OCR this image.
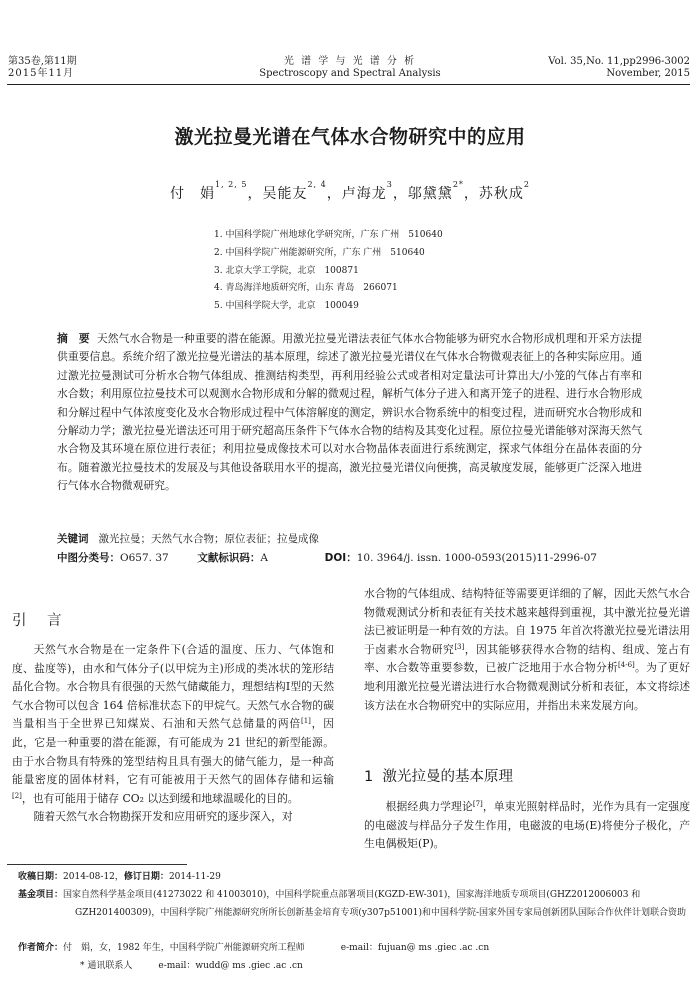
第35卷,第11期
2015年11月
光 谱 学 与 光 谱 分 析
Spectroscopy and Spectral Analysis
Vol. 35,No. 11,pp2996-3002
November, 2015
激光拉曼光谱在气体水合物研究中的应用
付　娟$^{1, 2, 5}$，吴能友$^{2, 4}$，卢海龙$^3$，邬黛黛$^{2*}$，苏秋成$^2$
1. 中国科学院广州地球化学研究所，广东 广州　510640
2. 中国科学院广州能源研究所，广东 广州　510640
3. 北京大学工学院，北京　100871
4. 青岛海洋地质研究所，山东 青岛　266071
5. 中国科学院大学，北京　100049
摘　要 天然气水合物是一种重要的潜在能源。用激光拉曼光谱法表征气体水合物能够为研究水合物形成机理和开采方法提供重要信息。系统介绍了激光拉曼光谱法的基本原理，综述了激光拉曼光谱仪在气体水合物微观表征上的各种实际应用。通过激光拉曼测试可分析水合物气体组成、推测结构类型，再利用经验公式或者相对定量法可计算出大/小笼的气体占有率和水合数；利用原位拉曼技术可以观测水合物形成和分解的微观过程，解析气体分子进入和离开笼子的进程、进行水合物形成和分解过程中气体浓度变化及水合物形成过程中气体溶解度的测定，辨识水合物系统中的相变过程，进而研究水合物形成和分解动力学；激光拉曼光谱法还可用于研究超高压条件下气体水合物的结构及其变化过程。原位拉曼光谱能够对深海天然气水合物及其环境在原位进行表征；利用拉曼成像技术可以对水合物晶体表面进行系统测定，探求气体组分在晶体表面的分布。随着激光拉曼技术的发展及与其他设备联用水平的提高，激光拉曼光谱仪向便携，高灵敏度发展，能够更广泛深入地进行气体水合物微观研究。
关键词 激光拉曼；天然气水合物；原位表征；拉曼成像
中图分类号：O657. 37	文献标识码：A	DOI：10. 3964/j. issn. 1000-0593(2015)11-2996-07
引　言

天然气水合物是在一定条件下(合适的温度、压力、气体饱和度、盐度等)，由水和气体分子(以甲烷为主)形成的类冰状的笼形结晶化合物。水合物具有很强的天然气储藏能力，理想结构Ⅰ型的天然气水合物可以包含 164 倍标准状态下的甲烷气。天然气水合物的碳当量相当于全世界已知煤炭、石油和天然气总储量的两倍[1]，因此，它是一种重要的潜在能源，有可能成为 21 世纪的新型能源。由于水合物具有特殊的笼型结构且具有强大的储气能力，是一种高能量密度的固体材料，它有可能被用于天然气的固体存储和运输[2]，也有可能用于储存 CO₂ 以达到缓和地球温暖化的目的。

随着天然气水合物勘探开发和应用研究的逐步深入，对

水合物的气体组成、结构特征等需要更详细的了解，因此天然气水合物微观测试分析和表征有关技术越来越得到重视，其中激光拉曼光谱法已被证明是一种有效的方法。自 1975 年首次将激光拉曼光谱法用于卤素水合物研究[3]，因其能够获得水合物的结构、组成、笼占有率、水合数等重要参数，已被广泛地用于水合物分析[4-6]。为了更好地利用激光拉曼光谱法进行水合物微观测试分析和表征，本文将综述该方法在水合物研究中的实际应用，并指出未来发展方向。

1 激光拉曼的基本原理

根据经典力学理论[7]，单束光照射样品时，光作为具有一定强度的电磁波与样品分子发生作用，电磁波的电场(E)将使分子极化，产生电偶极矩(P)。

收稿日期：2014-08-12，修订日期：2014-11-29
基金项目：国家自然科学基金项目(41273022 和 41003010)，中国科学院重点部署项目(KGZD-EW-301)，国家海洋地质专项项目(GHZ2012006003 和 GZH201400309)，中国科学院广州能源研究所所长创新基金培育专项(y307p51001)和中国科学院-国家外国专家局创新团队国际合作伙伴计划联合资助
作者简介：付　娟，女，1982 年生，中国科学院广州能源研究所工程师	e-mail：fujuan@ ms .giec .ac .cn
* 通讯联系人	e-mail：wudd@ ms .giec .ac .cn
